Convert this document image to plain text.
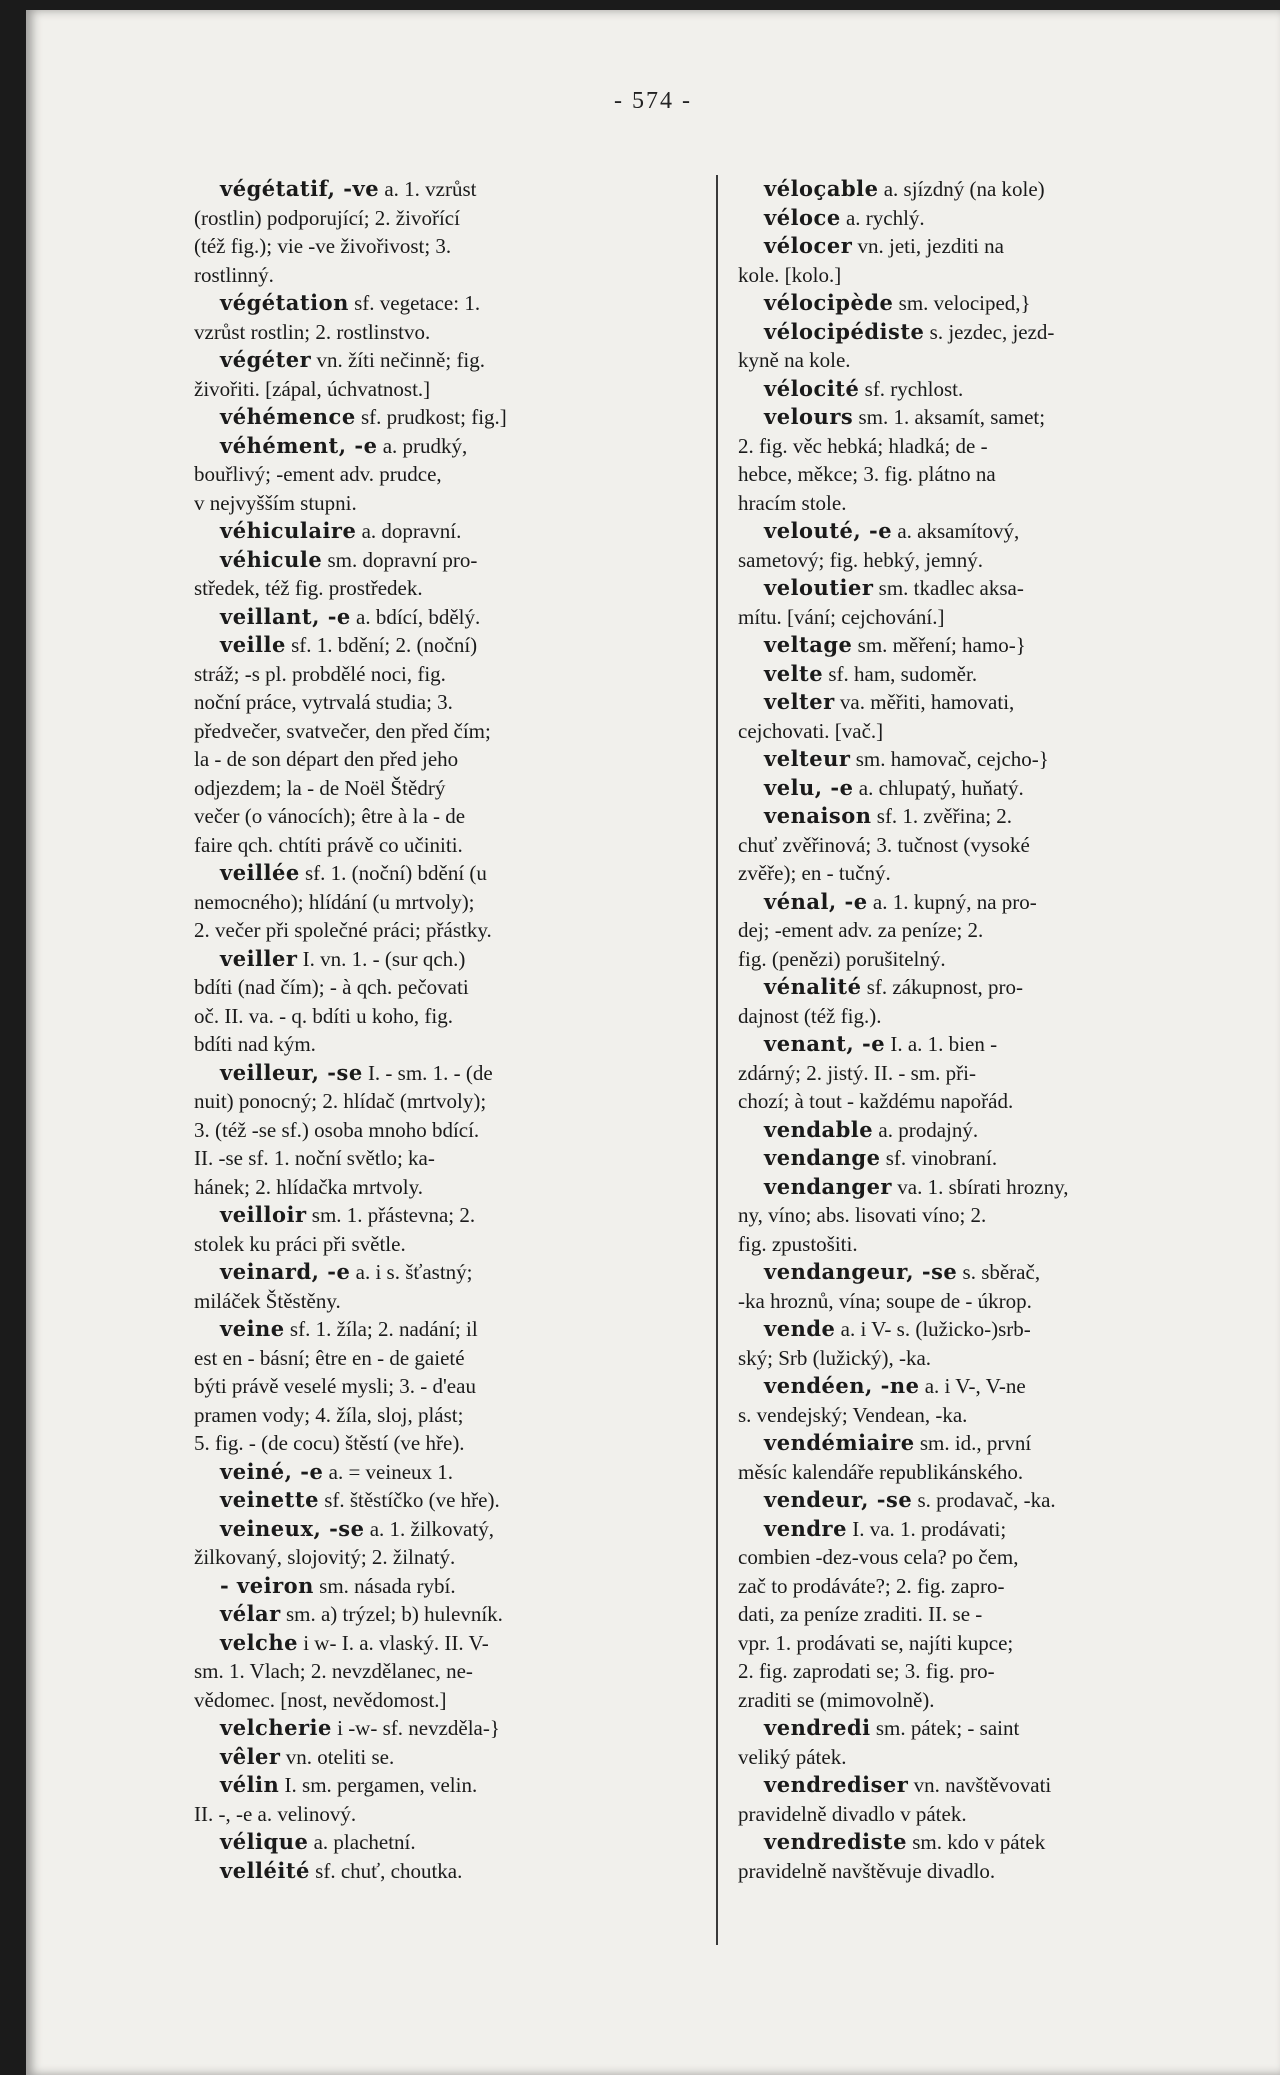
- 574 -
végétatif, -ve a. 1. vzrůst
(rostlin) podporující; 2. živořící
(též fig.); vie -ve živořivost; 3.
rostlinný.
végétation sf. vegetace: 1.
vzrůst rostlin; 2. rostlinstvo.
végéter vn. žíti nečinně; fig.
živořiti. [zápal, úchvatnost.]
véhémence sf. prudkost; fig.]
véhément, -e a. prudký,
bouřlivý; -ement adv. prudce,
v nejvyšším stupni.
véhiculaire a. dopravní.
véhicule sm. dopravní pro-
středek, též fig. prostředek.
veillant, -e a. bdící, bdělý.
veille sf. 1. bdění; 2. (noční)
stráž; -s pl. probdělé noci, fig.
noční práce, vytrvalá studia; 3.
předvečer, svatvečer, den před čím;
la - de son départ den před jeho
odjezdem; la - de Noël Štědrý
večer (o vánocích); être à la - de
faire qch. chtíti právě co učiniti.
veillée sf. 1. (noční) bdění (u
nemocného); hlídání (u mrtvoly);
2. večer při společné práci; přástky.
veiller I. vn. 1. - (sur qch.)
bdíti (nad čím); - à qch. pečovati
oč. II. va. - q. bdíti u koho, fig.
bdíti nad kým.
veilleur, -se I. - sm. 1. - (de
nuit) ponocný; 2. hlídač (mrtvoly);
3. (též -se sf.) osoba mnoho bdící.
II. -se sf. 1. noční světlo; ka-
hánek; 2. hlídačka mrtvoly.
veilloir sm. 1. přástevna; 2.
stolek ku práci při světle.
veinard, -e a. i s. šťastný;
miláček Štěstěny.
veine sf. 1. žíla; 2. nadání; il
est en - básní; être en - de gaieté
býti právě veselé mysli; 3. - d'eau
pramen vody; 4. žíla, sloj, plást;
5. fig. - (de cocu) štěstí (ve hře).
veiné, -e a. = veineux 1.
veinette sf. štěstíčko (ve hře).
veineux, -se a. 1. žilkovatý,
žilkovaný, slojovitý; 2. žilnatý.
- veiron sm. násada rybí.
vélar sm. a) trýzel; b) hulevník.
velche i w- I. a. vlaský. II. V-
sm. 1. Vlach; 2. nevzdělanec, ne-
vědomec. [nost, nevědomost.]
velcherie i -w- sf. nevzděla-}
vêler vn. oteliti se.
vélin I. sm. pergamen, velin.
II. -, -e a. velinový.
vélique a. plachetní.
velléité sf. chuť, choutka.
véloçable a. sjízdný (na kole)
véloce a. rychlý.
vélocer vn. jeti, jezditi na
kole. [kolo.]
vélocipède sm. velociped,}
vélocipédiste s. jezdec, jezd-
kyně na kole.
vélocité sf. rychlost.
velours sm. 1. aksamít, samet;
2. fig. věc hebká; hladká; de -
hebce, měkce; 3. fig. plátno na
hracím stole.
velouté, -e a. aksamítový,
sametový; fig. hebký, jemný.
veloutier sm. tkadlec aksa-
mítu. [vání; cejchování.]
veltage sm. měření; hamo-}
velte sf. ham, sudoměr.
velter va. měřiti, hamovati,
cejchovati. [vač.]
velteur sm. hamovač, cejcho-}
velu, -e a. chlupatý, huňatý.
venaison sf. 1. zvěřina; 2.
chuť zvěřinová; 3. tučnost (vysoké
zvěře); en - tučný.
vénal, -e a. 1. kupný, na pro-
dej; -ement adv. za peníze; 2.
fig. (penězi) porušitelný.
vénalité sf. zákupnost, pro-
dajnost (též fig.).
venant, -e I. a. 1. bien -
zdárný; 2. jistý. II. - sm. při-
chozí; à tout - každému napořád.
vendable a. prodajný.
vendange sf. vinobraní.
vendanger va. 1. sbírati hrozny,
ny, víno; abs. lisovati víno; 2.
fig. zpustošiti.
vendangeur, -se s. sběrač,
-ka hroznů, vína; soupe de - úkrop.
vende a. i V- s. (lužicko-)srb-
ský; Srb (lužický), -ka.
vendéen, -ne a. i V-, V-ne
s. vendejský; Vendean, -ka.
vendémiaire sm. id., první
měsíc kalendáře republikánského.
vendeur, -se s. prodavač, -ka.
vendre I. va. 1. prodávati;
combien -dez-vous cela? po čem,
zač to prodáváte?; 2. fig. zapro-
dati, za peníze zraditi. II. se -
vpr. 1. prodávati se, najíti kupce;
2. fig. zaprodati se; 3. fig. pro-
zraditi se (mimovolně).
vendredi sm. pátek; - saint
veliký pátek.
vendrediser vn. navštěvovati
pravidelně divadlo v pátek.
vendrediste sm. kdo v pátek
pravidelně navštěvuje divadlo.
